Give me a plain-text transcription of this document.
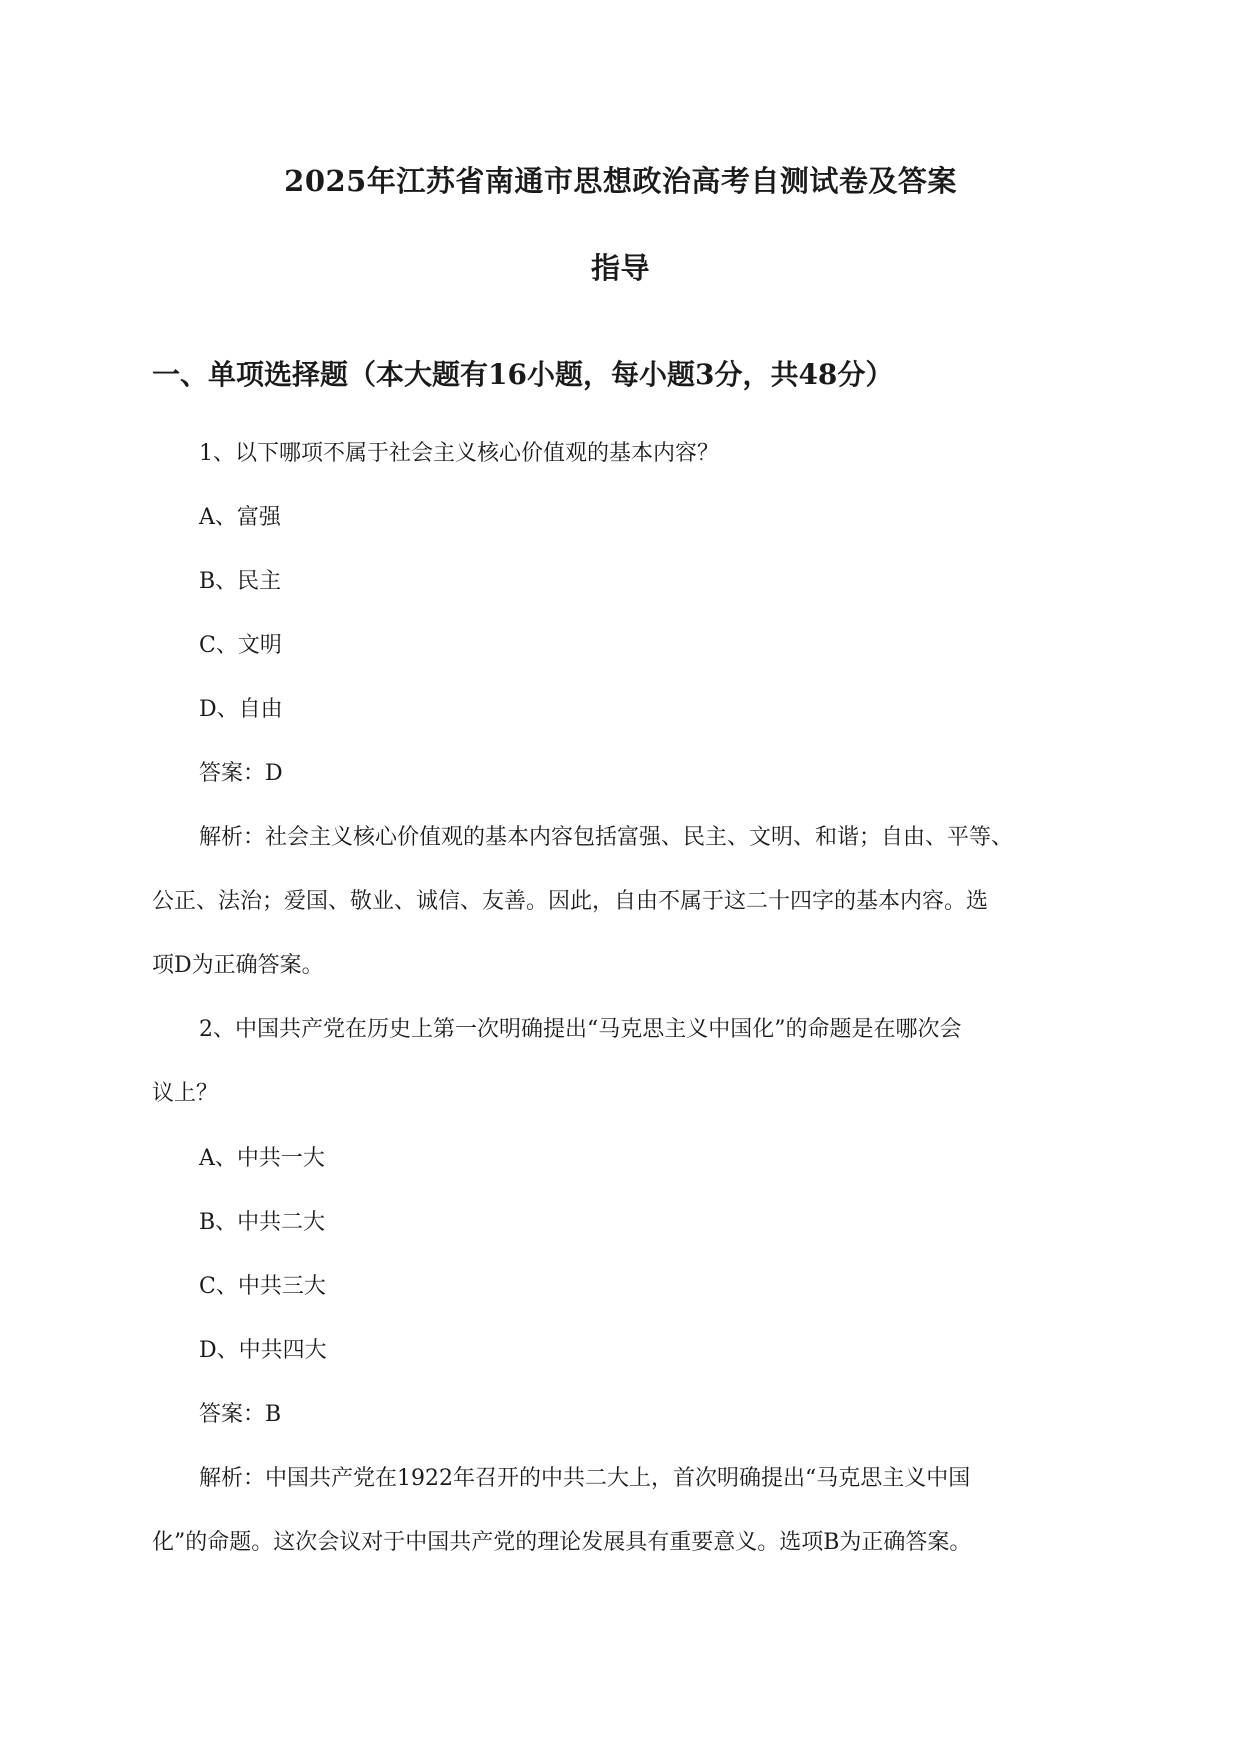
2025年江苏省南通市思想政治高考自测试卷及答案
指导
一、单项选择题（本大题有16小题，每小题3分，共48分）
1、以下哪项不属于社会主义核心价值观的基本内容？
A、富强
B、民主
C、文明
D、自由
答案：D
解析：社会主义核心价值观的基本内容包括富强、民主、文明、和谐；自由、平等、
公正、法治；爱国、敬业、诚信、友善。因此，自由不属于这二十四字的基本内容。选
项D为正确答案。
2、中国共产党在历史上第一次明确提出“马克思主义中国化”的命题是在哪次会
议上？
A、中共一大
B、中共二大
C、中共三大
D、中共四大
答案：B
解析：中国共产党在1922年召开的中共二大上，首次明确提出“马克思主义中国
化”的命题。这次会议对于中国共产党的理论发展具有重要意义。选项B为正确答案。
